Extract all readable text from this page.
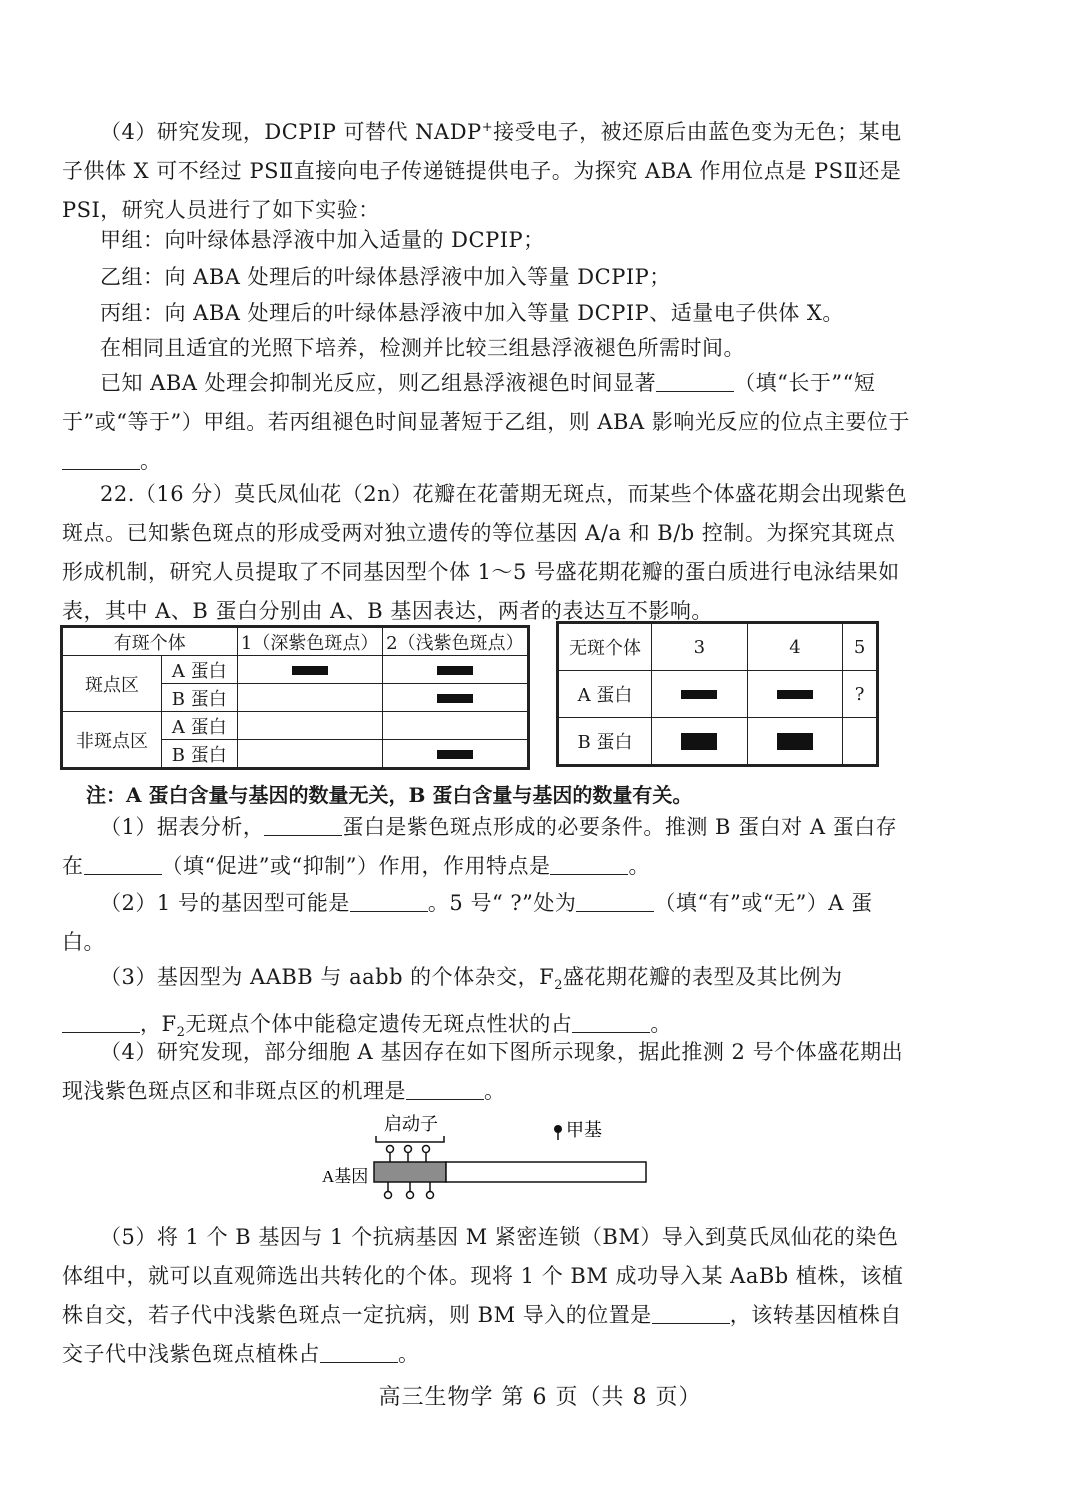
（4）研究发现，DCPIP 可替代 NADP+接受电子，被还原后由蓝色变为无色；某电子供体 X 可不经过 PSⅡ直接向电子传递链提供电子。为探究 ABA 作用位点是 PSⅡ还是 PSⅠ，研究人员进行了如下实验：

甲组：向叶绿体悬浮液中加入适量的 DCPIP；
乙组：向 ABA 处理后的叶绿体悬浮液中加入等量 DCPIP；
丙组：向 ABA 处理后的叶绿体悬浮液中加入等量 DCPIP、适量电子供体 X。
在相同且适宜的光照下培养，检测并比较三组悬浮液褪色所需时间。

已知 ABA 处理会抑制光反应，则乙组悬浮液褪色时间显著	（填“长于”“短于”或“等于”）甲组。若丙组褪色时间显著短于乙组，则 ABA 影响光反应的位点主要位于。

22.（16 分）莫氏凤仙花（2n）花瓣在花蕾期无斑点，而某些个体盛花期会出现紫色斑点。已知紫色斑点的形成受两对独立遗传的等位基因 A/a 和 B/b 控制。为探究其斑点形成机制，研究人员提取了不同基因型个体 1～5 号盛花期花瓣的蛋白质进行电泳结果如表，其中 A、B 蛋白分别由 A、B 基因表达，两者的表达互不影响。

有斑个体		1（深紫色斑点）	2（浅紫色斑点）
斑点区	A 蛋白		
	B 蛋白		
非斑点区	A 蛋白		
	B 蛋白		
无斑个体	3	4	5
A 蛋白			?
B 蛋白			
注：A 蛋白含量与基因的数量无关，B 蛋白含量与基因的数量有关。

（1）据表分析，	蛋白是紫色斑点形成的必要条件。推测 B 蛋白对 A 蛋白存在	（填“促进”或“抑制”）作用，作用特点是	。

（2）1 号的基因型可能是	。5 号“ ?”处为	（填“有”或“无”）A 蛋白。

（3）基因型为 AABB 与 aabb 的个体杂交，$F_2$盛花期花瓣的表型及其比例为，$F_2$无斑点个体中能稳定遗传无斑点性状的占	。

（4）研究发现，部分细胞 A 基因存在如下图所示现象，据此推测 2 号个体盛花期出现浅紫色斑点区和非斑点区的机理是	。

启动子	甲基
A基因

（5）将 1 个 B 基因与 1 个抗病基因 M 紧密连锁（BM）导入到莫氏凤仙花的染色体组中，就可以直观筛选出共转化的个体。现将 1 个 BM 成功导入某 AaBb 植株，该植株自交，若子代中浅紫色斑点一定抗病，则 BM 导入的位置是	，该转基因植株自交子代中浅紫色斑点植株占	。

高三生物学 第 6 页（共 8 页）
